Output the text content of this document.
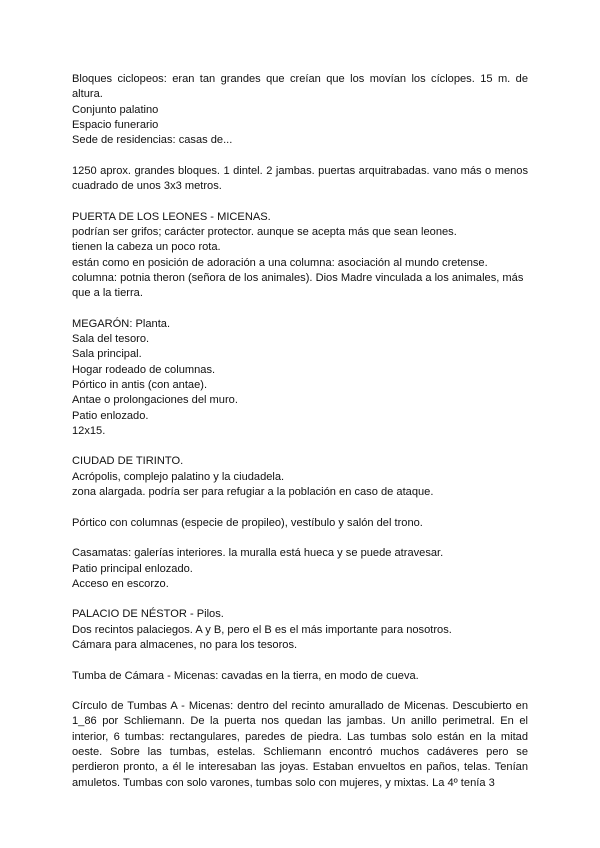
Bloques ciclopeos: eran tan grandes que creían que los movían los cíclopes. 15 m. de altura.

Conjunto palatino

Espacio funerario

Sede de residencias: casas de...

1250 aprox. grandes bloques. 1 dintel. 2 jambas. puertas arquitrabadas. vano más o menos cuadrado de unos 3x3 metros.

PUERTA DE LOS LEONES - MICENAS.

podrían ser grifos; carácter protector. aunque se acepta más que sean leones.

tienen la cabeza un poco rota.

están como en posición de adoración a una columna: asociación al mundo cretense.

columna: potnia theron (señora de los animales). Dios Madre vinculada a los animales, más que a la tierra.

MEGARÓN: Planta.

Sala del tesoro.

Sala principal.

Hogar rodeado de columnas.

Pórtico in antis (con antae).

Antae o prolongaciones del muro.

Patio enlozado.

12x15.

CIUDAD DE TIRINTO.

Acrópolis, complejo palatino y la ciudadela.

zona alargada. podría ser para refugiar a la población en caso de ataque.

Pórtico con columnas (especie de propileo), vestíbulo y salón del trono.

Casamatas: galerías interiores. la muralla está hueca y se puede atravesar.

Patio principal enlozado.

Acceso en escorzo.

PALACIO DE NÉSTOR - Pilos.

Dos recintos palaciegos. A y B, pero el B es el más importante para nosotros.

Cámara para almacenes, no para los tesoros.

Tumba de Cámara - Micenas: cavadas en la tierra, en modo de cueva.

Círculo de Tumbas A - Micenas: dentro del recinto amurallado de Micenas. Descubierto en 1_86 por Schliemann. De la puerta nos quedan las jambas. Un anillo perimetral. En el interior, 6 tumbas: rectangulares, paredes de piedra. Las tumbas solo están en la mitad oeste. Sobre las tumbas, estelas. Schliemann encontró muchos cadáveres pero se perdieron pronto, a él le interesaban las joyas. Estaban envueltos en paños, telas. Tenían amuletos. Tumbas con solo varones, tumbas solo con mujeres, y mixtas. La 4º tenía 3
